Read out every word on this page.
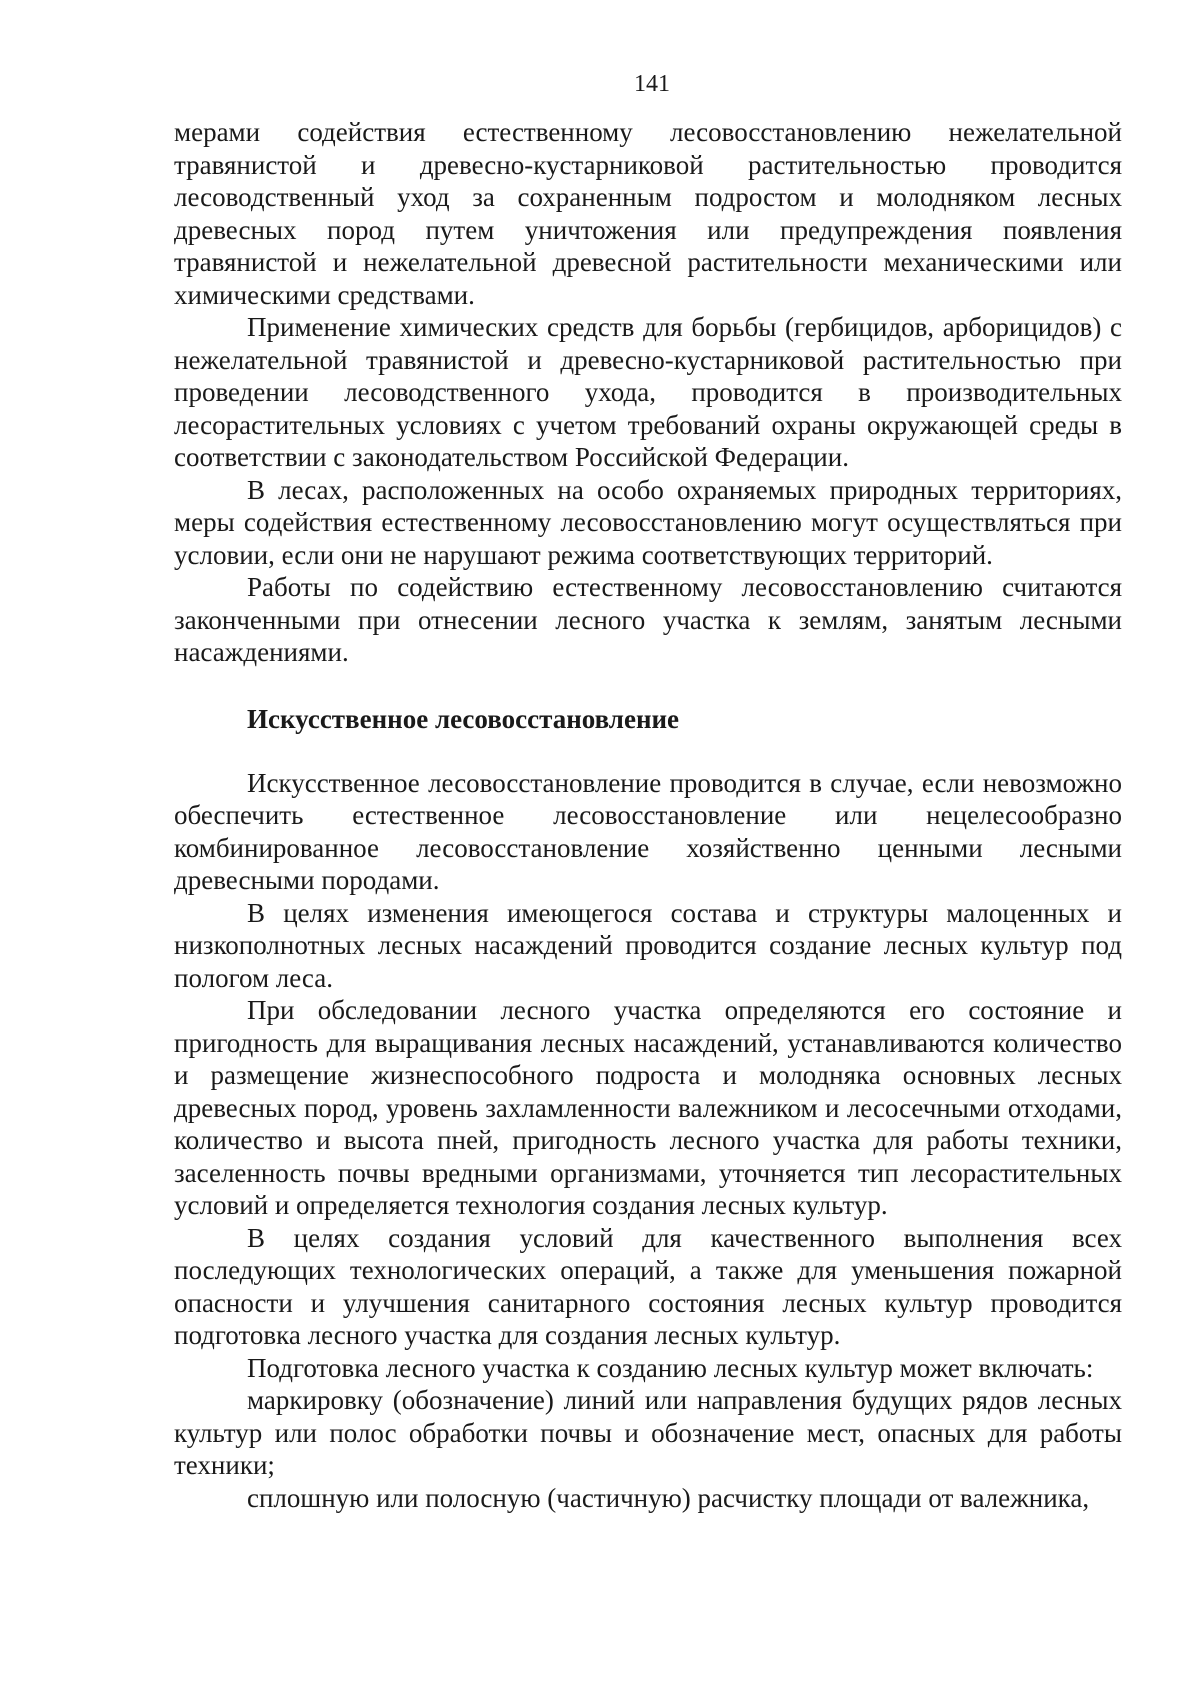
141

мерами содействия естественному лесовосстановлению нежелательной травянистой и древесно-кустарниковой растительностью проводится лесоводственный уход за сохраненным подростом и молодняком лесных древесных пород путем уничтожения или предупреждения появления травянистой и нежелательной древесной растительности механическими или химическими средствами.

Применение химических средств для борьбы (гербицидов, арборицидов) с нежелательной травянистой и древесно-кустарниковой растительностью при проведении лесоводственного ухода, проводится в производительных лесорастительных условиях с учетом требований охраны окружающей среды в соответствии с законодательством Российской Федерации.

В лесах, расположенных на особо охраняемых природных территориях, меры содействия естественному лесовосстановлению могут осуществляться при условии, если они не нарушают режима соответствующих территорий.

Работы по содействию естественному лесовосстановлению считаются законченными при отнесении лесного участка к землям, занятым лесными насаждениями.

Искусственное лесовосстановление

Искусственное лесовосстановление проводится в случае, если невозможно обеспечить естественное лесовосстановление или нецелесообразно комбинированное лесовосстановление хозяйственно ценными лесными древесными породами.

В целях изменения имеющегося состава и структуры малоценных и низкополнотных лесных насаждений проводится создание лесных культур под пологом леса.

При обследовании лесного участка определяются его состояние и пригодность для выращивания лесных насаждений, устанавливаются количество и размещение жизнеспособного подроста и молодняка основных лесных древесных пород, уровень захламленности валежником и лесосечными отходами, количество и высота пней, пригодность лесного участка для работы техники, заселенность почвы вредными организмами, уточняется тип лесорастительных условий и определяется технология создания лесных культур.

В целях создания условий для качественного выполнения всех последующих технологических операций, а также для уменьшения пожарной опасности и улучшения санитарного состояния лесных культур проводится подготовка лесного участка для создания лесных культур.

Подготовка лесного участка к созданию лесных культур может включать:

маркировку (обозначение) линий или направления будущих рядов лесных культур или полос обработки почвы и обозначение мест, опасных для работы техники;

сплошную или полосную (частичную) расчистку площади от валежника,
